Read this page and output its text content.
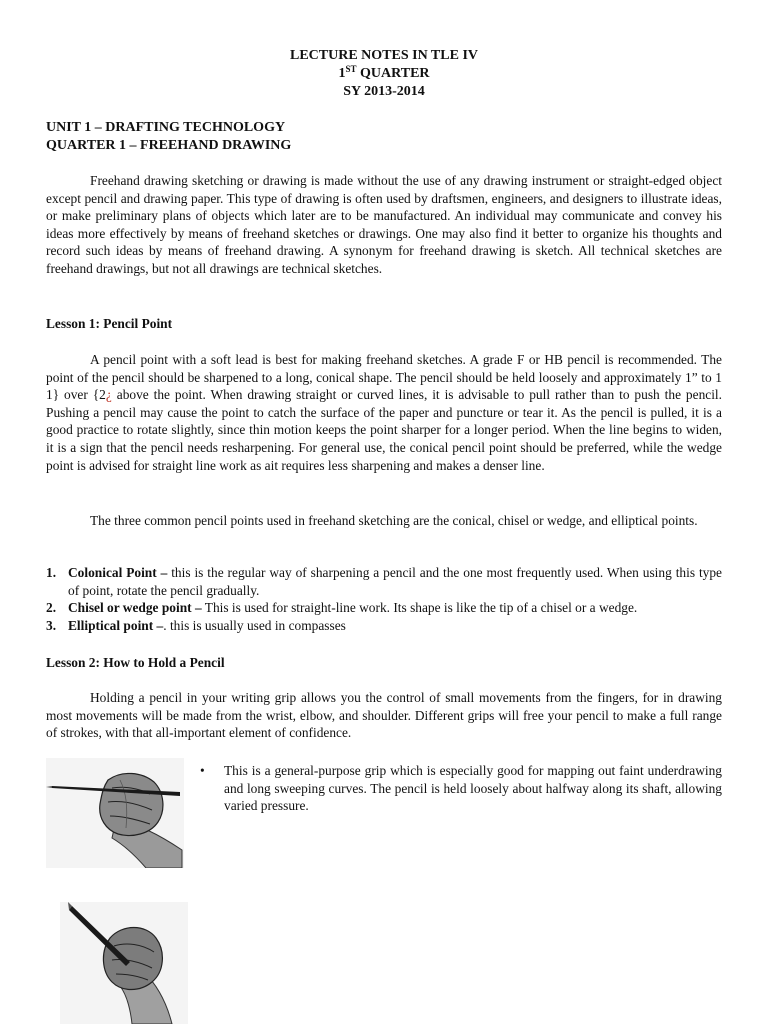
LECTURE NOTES IN TLE IV
1ST QUARTER
SY 2013-2014
UNIT 1 – DRAFTING TECHNOLOGY
QUARTER 1 – FREEHAND DRAWING

Freehand drawing sketching or drawing is made without the use of any drawing instrument or straight-edged object except pencil and drawing paper. This type of drawing is often used by draftsmen, engineers, and designers to illustrate ideas, or make preliminary plans of objects which later are to be manufactured. An individual may communicate and convey his ideas more effectively by means of freehand sketches or drawings. One may also find it better to organize his thoughts and record such ideas by means of freehand drawing. A synonym for freehand drawing is sketch. All technical sketches are freehand drawings, but not all drawings are technical sketches.

Lesson 1: Pencil Point

A pencil point with a soft lead is best for making freehand sketches. A grade F or HB pencil is recommended. The point of the pencil should be sharpened to a long, conical shape. The pencil should be held loosely and approximately 1” to 1 1} over {2¿ above the point. When drawing straight or curved lines, it is advisable to pull rather than to push the pencil. Pushing a pencil may cause the point to catch the surface of the paper and puncture or tear it. As the pencil is pulled, it is a good practice to rotate slightly, since thin motion keeps the point sharper for a longer period. When the line begins to widen, it is a sign that the pencil needs resharpening. For general use, the conical pencil point should be preferred, while the wedge point is advised for straight line work as ait requires less sharpening and makes a denser line.

The three common pencil points used in freehand sketching are the conical, chisel or wedge, and elliptical points.

1. Colonical Point – this is the regular way of sharpening a pencil and the one most frequently used. When using this type of point, rotate the pencil gradually.
2. Chisel or wedge point – This is used for straight-line work. Its shape is like the tip of a chisel or a wedge.
3. Elliptical point –. this is usually used in compasses
Lesson 2: How to Hold a Pencil

Holding a pencil in your writing grip allows you the control of small movements from the fingers, for in drawing most movements will be made from the wrist, elbow, and shoulder. Different grips will free your pencil to make a full range of strokes, with that all-important element of confidence.

• This is a general-purpose grip which is especially good for mapping out faint underdrawing and long sweeping curves. The pencil is held loosely about halfway along its shaft, allowing varied pressure.
